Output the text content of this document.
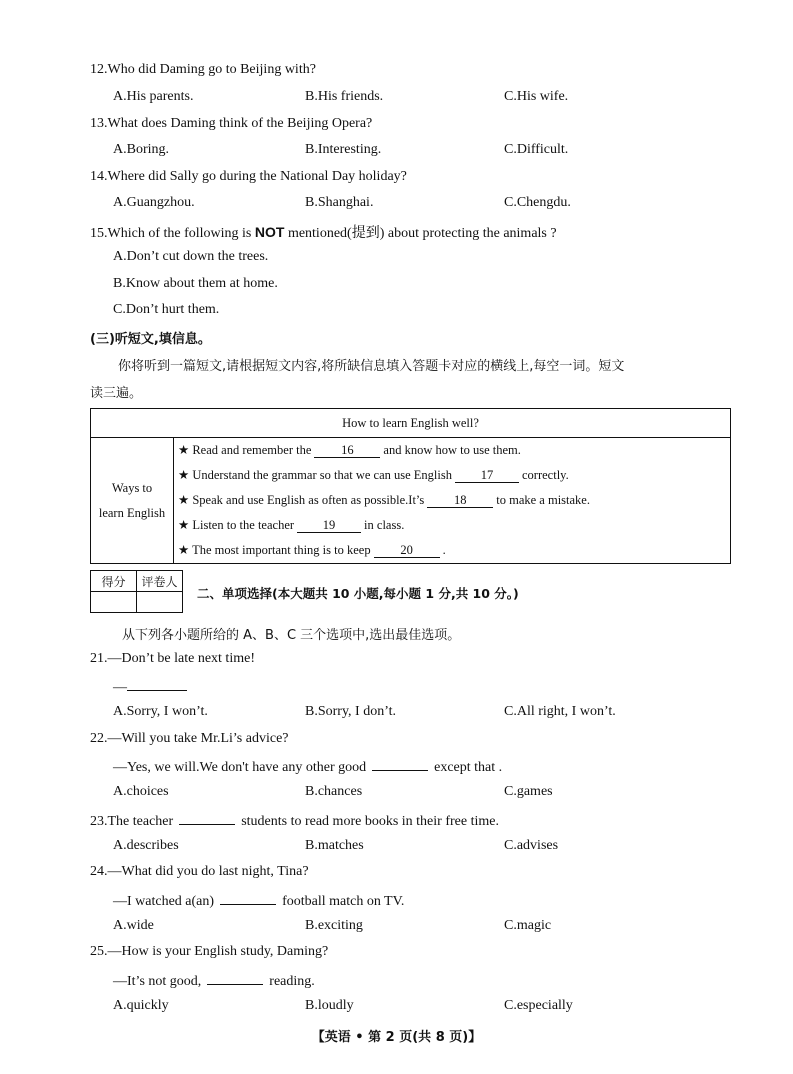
12.Who did Daming go to Beijing with?
A.His parents.	B.His friends.	C.His wife.
13.What does Daming think of the Beijing Opera?
A.Boring.	B.Interesting.	C.Difficult.
14.Where did Sally go during the National Day holiday?
A.Guangzhou.	B.Shanghai.	C.Chengdu.
15.Which of the following is NOT mentioned(提到) about protecting the animals ?
A.Don’t cut down the trees.
B.Know about them at home.
C.Don’t hurt them.
(三)听短文,填信息。
你将听到一篇短文,请根据短文内容,将所缺信息填入答题卡对应的横线上,每空一词。短文
读三遍。
How to learn English well?

Ways to
learn English

★ Read and remember the 16 and know how to use them.
★ Understand the grammar so that we can use English 17 correctly.
★ Speak and use English as often as possible.It’s 18 to make a mistake.
★ Listen to the teacher 19 in class.
★ The most important thing is to keep 20 .
得分	评卷人

二、单项选择(本大题共 10 小题,每小题 1 分,共 10 分。)
从下列各小题所给的 A、B、C 三个选项中,选出最佳选项。
21.—Don’t be late next time!
—
A.Sorry, I won’t.	B.Sorry, I don’t.	C.All right, I won’t.
22.—Will you take Mr.Li’s advice?
—Yes, we will.We don't have any other good	except that .
A.choices	B.chances	C.games
23.The teacher	students to read more books in their free time.
A.describes	B.matches	C.advises
24.—What did you do last night, Tina?
—I watched a(an)	football match on TV.
A.wide	B.exciting	C.magic
25.—How is your English study, Daming?
—It’s not good,	reading.
A.quickly	B.loudly	C.especially
【英语 • 第 2 页(共 8 页)】
